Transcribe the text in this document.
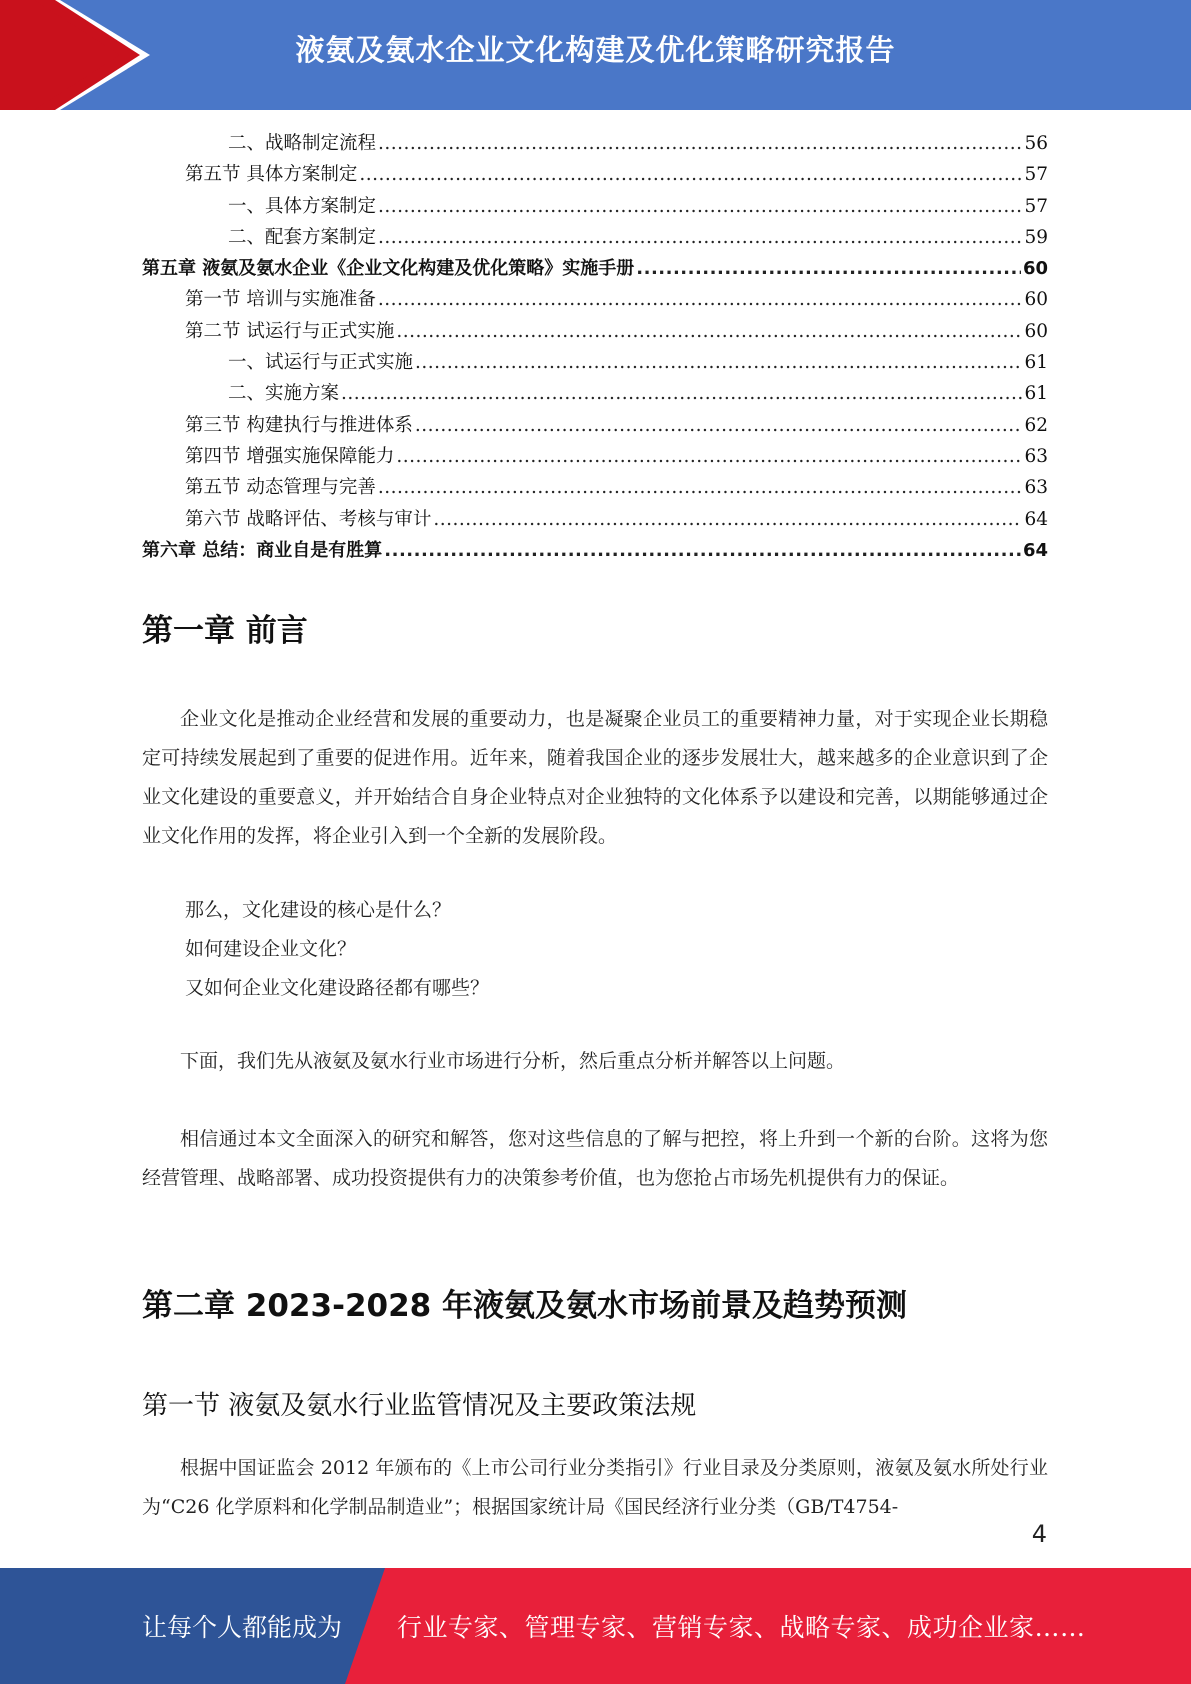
液氨及氨水企业文化构建及优化策略研究报告
二、战略制定流程 .....	56
第五节 具体方案制定 .....	57
一、具体方案制定 .....	57
二、配套方案制定 .....	59
第五章 液氨及氨水企业《企业文化构建及优化策略》实施手册 .....	60
第一节 培训与实施准备 .....	60
第二节 试运行与正式实施 .....	60
一、试运行与正式实施 .....	61
二、实施方案 .....	61
第三节 构建执行与推进体系 .....	62
第四节 增强实施保障能力 .....	63
第五节 动态管理与完善 .....	63
第六节 战略评估、考核与审计 .....	64
第六章 总结：商业自是有胜算 .....	64
第一章 前言
企业文化是推动企业经营和发展的重要动力，也是凝聚企业员工的重要精神力量，对于实现企业长期稳定可持续发展起到了重要的促进作用。近年来，随着我国企业的逐步发展壮大，越来越多的企业意识到了企业文化建设的重要意义，并开始结合自身企业特点对企业独特的文化体系予以建设和完善，以期能够通过企业文化作用的发挥，将企业引入到一个全新的发展阶段。
那么，文化建设的核心是什么？
如何建设企业文化？
又如何企业文化建设路径都有哪些？
下面，我们先从液氨及氨水行业市场进行分析，然后重点分析并解答以上问题。
相信通过本文全面深入的研究和解答，您对这些信息的了解与把控，将上升到一个新的台阶。这将为您经营管理、战略部署、成功投资提供有力的决策参考价值，也为您抢占市场先机提供有力的保证。
第二章 2023-2028 年液氨及氨水市场前景及趋势预测
第一节 液氨及氨水行业监管情况及主要政策法规
根据中国证监会 2012 年颁布的《上市公司行业分类指引》行业目录及分类原则，液氨及氨水所处行业为“C26 化学原料和化学制品制造业”；根据国家统计局《国民经济行业分类（GB/T4754-
4
让每个人都能成为 行业专家、管理专家、营销专家、战略专家、成功企业家……
